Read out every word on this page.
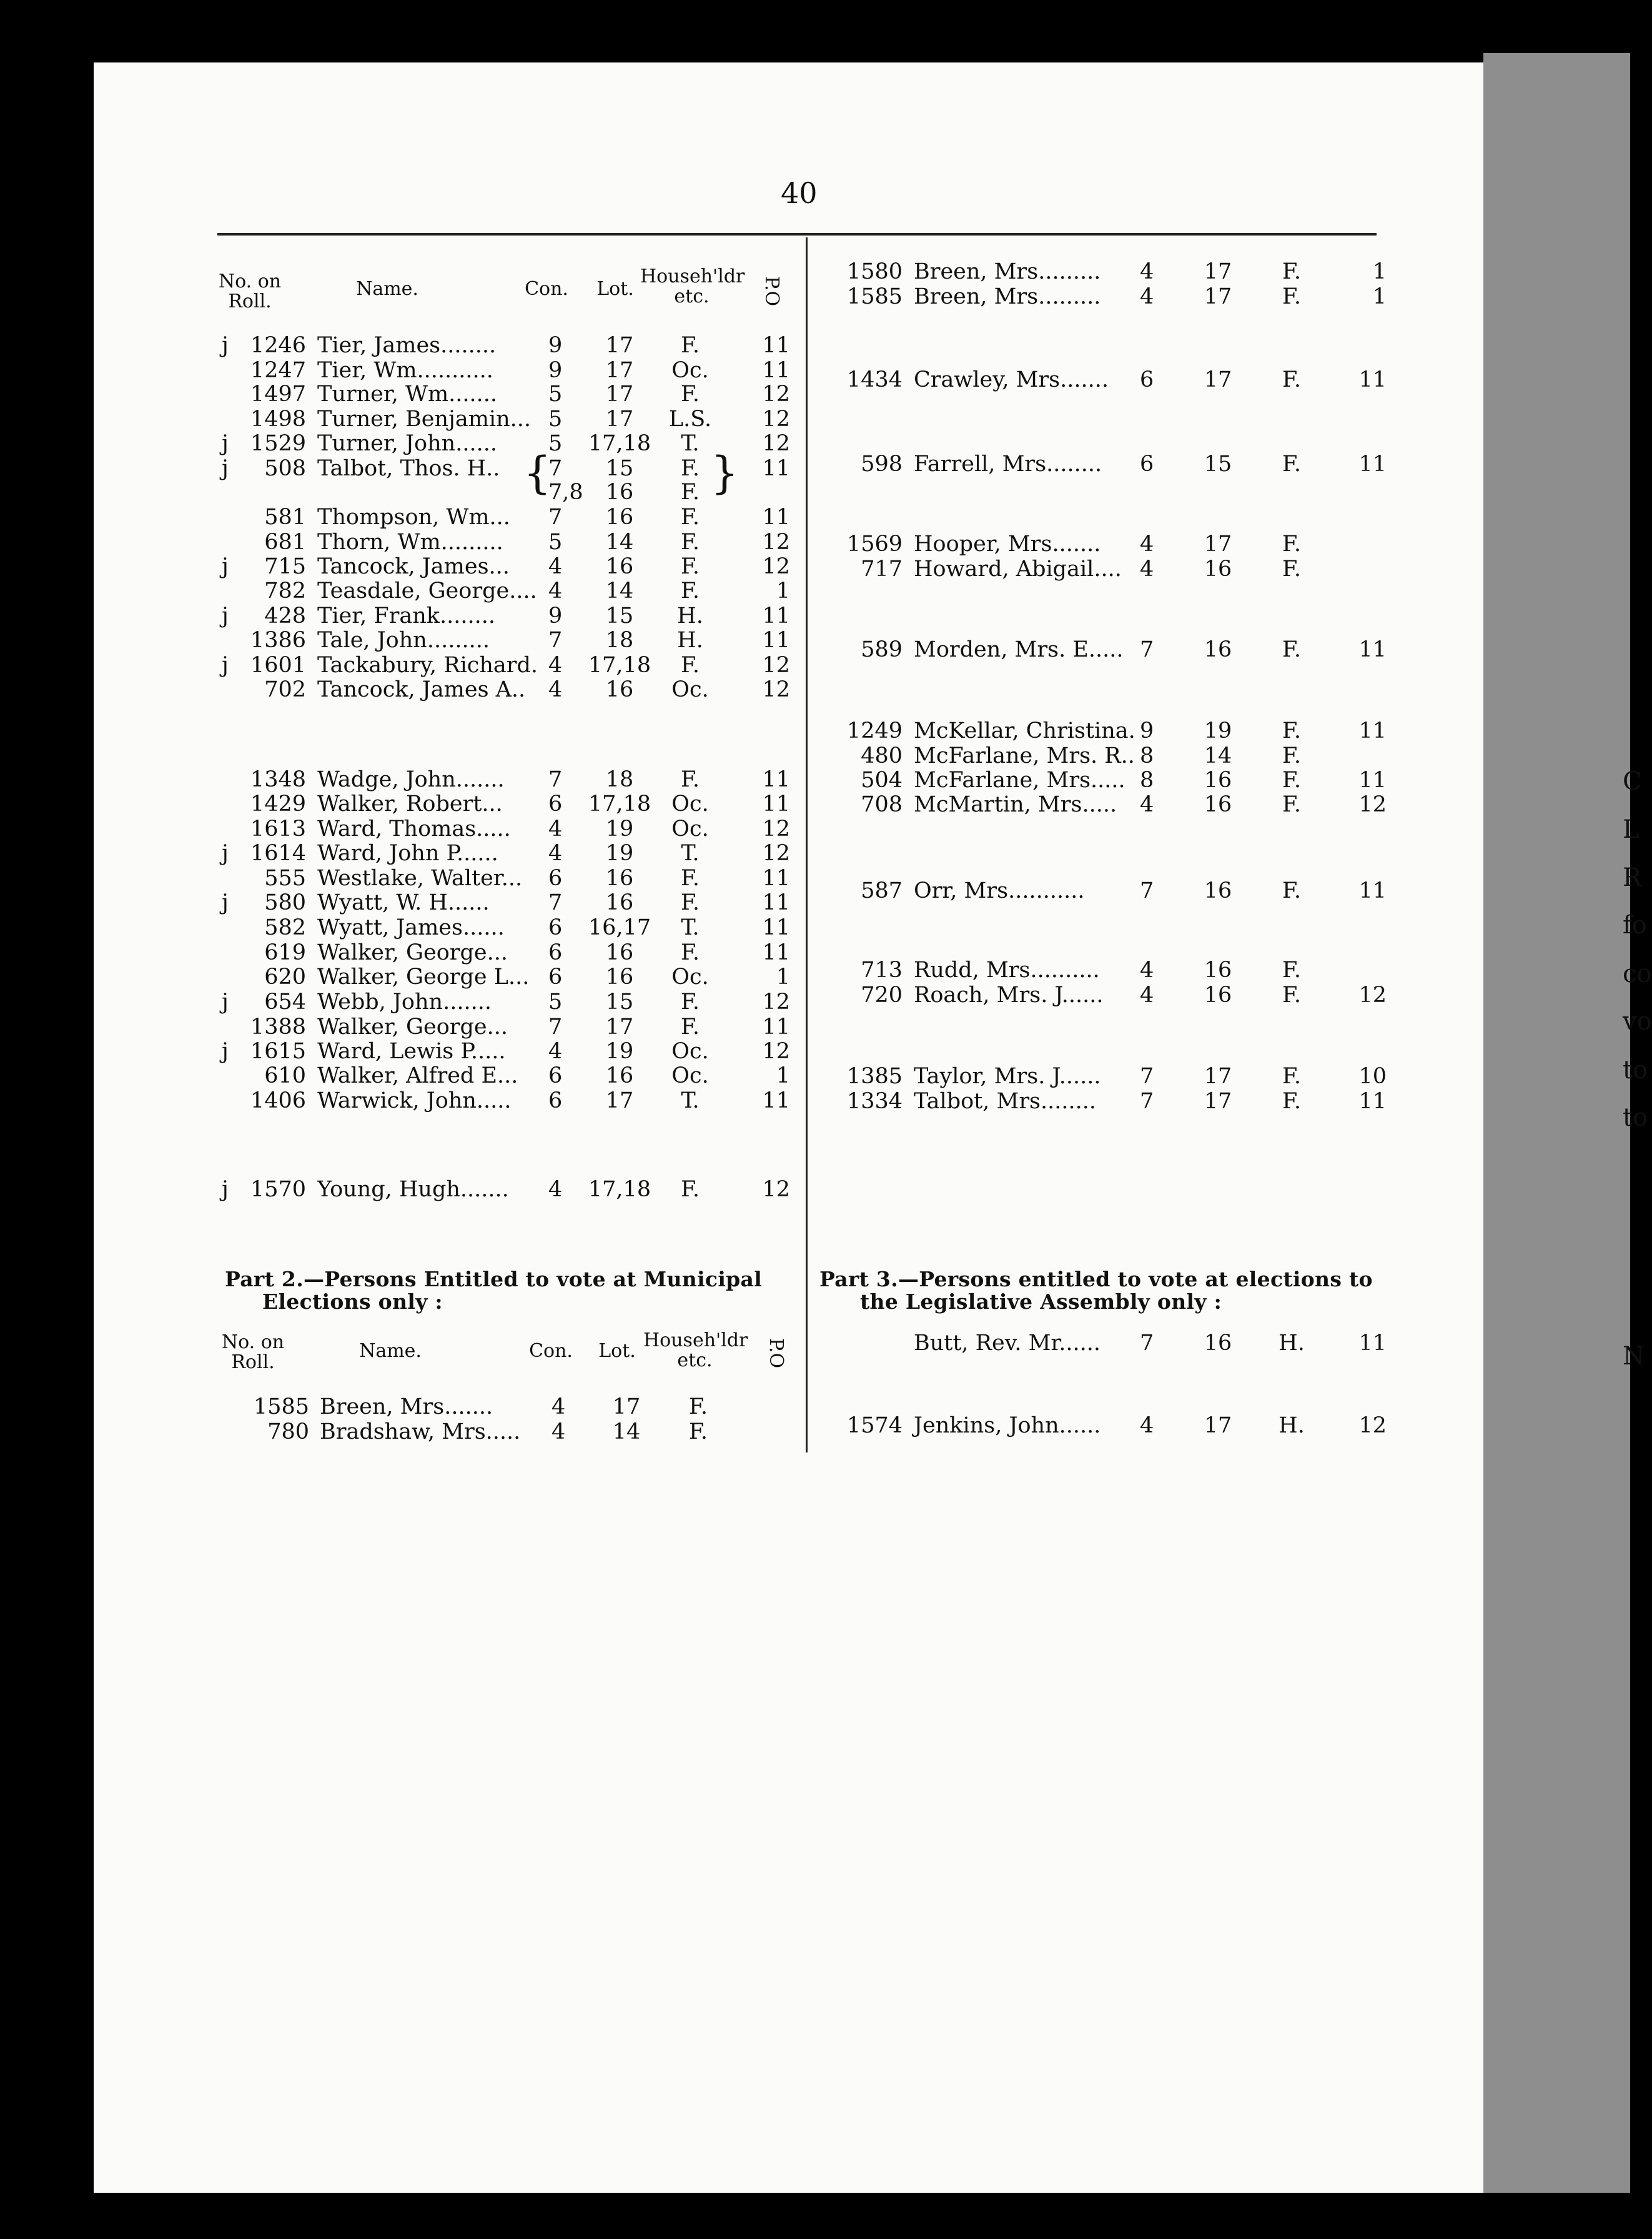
40
No. on Roll.
Name.	Con.	Lot.
Househ'ldr etc.	P.O
j	1246 Tier, James........ 9	17	F.	11
1247 Tier, Wm...........	9	17	Oc.	11
1497 Turner, Wm....... 5	17	F.	12
1498 Turner, Benjamin... 5	17	L.S.	12
j	1529 Turner, John...... 5 17,18	T.	12
j	508 Talbot, Thos. H.. 7	15	F.	11
7,8	16	F.
581 Thompson, Wm... 7	16	F.	11
681 Thorn, Wm......... 5	14	F.	12
j	715 Tancock, James... 4	16	F.	12
782 Teasdale, George.... 4	14	F.	1
j	428 Tier, Frank........ 9	15	H.	11
1386 Tale, John.........	7	18	H.	11
j	1601 Tackabury, Richard. 4 17,18	F.	12
702 Tancock, James A.. 4	16	Oc.	12
1348 Wadge, John....... 7	18	F.	11
1429 Walker, Robert... 6 17,18 Oc.	11
1613 Ward, Thomas..... 4	19	Oc.	12
j	1614 Ward, John P...... 4	19	T.	12
555 Westlake, Walter... 6	16	F.	11
j	580 Wyatt, W. H......	7	16	F.	11
582 Wyatt, James...... 6 16,17	T.	11
619 Walker, George... 6	16	F.	11
620 Walker, George L... 6	16	Oc.	1
j	654 Webb, John.......	5	15	F.	12
1388 Walker, George... 7	17	F.	11
j	1615 Ward, Lewis P..... 4	19	Oc.	12
610 Walker, Alfred E... 6	16	Oc.	1
1406 Warwick, John..... 6	17	T.	11
j	1570 Young, Hugh....... 4 17,18	F.	12
1580 Breen, Mrs......... 4	17	F.	1
1585 Breen, Mrs......... 4	17	F.	1
1434 Crawley, Mrs....... 6	17	F.	11
598 Farrell, Mrs........ 6	15	F.	11
1569 Hooper, Mrs....... 4	17	F.
717 Howard, Abigail.... 4	16	F.
589 Morden, Mrs. E..... 7	16	F.	11
1249 McKellar, Christina. 9	19	F.	11
480 McFarlane, Mrs. R.. 8	14	F.
504 McFarlane, Mrs..... 8	16	F.	11
708 McMartin, Mrs..... 4	16	F.	12
587 Orr, Mrs...........	7	16	F.	11
713 Rudd, Mrs.......... 4	16	F.
720 Roach, Mrs. J...... 4	16	F.	12
1385 Taylor, Mrs. J...... 7	17	F.	10
1334 Talbot, Mrs........ 7	17	F.	11
{	}
Part 2.—Persons Entitled to vote at Municipal
Elections only :
No. on Roll.
Name.	Con.	Lot. Househ'ldr etc.	P.O
1585 Breen, Mrs.......	4	17	F.
780 Bradshaw, Mrs..... 4	14	F.
Part 3.—Persons entitled to vote at elections to
the Legislative Assembly only :
Butt, Rev. Mr...... 7	16	H.	11
1574 Jenkins, John...... 4	17	H.	12
C
L
R
fo
co
vo
to
to
N
